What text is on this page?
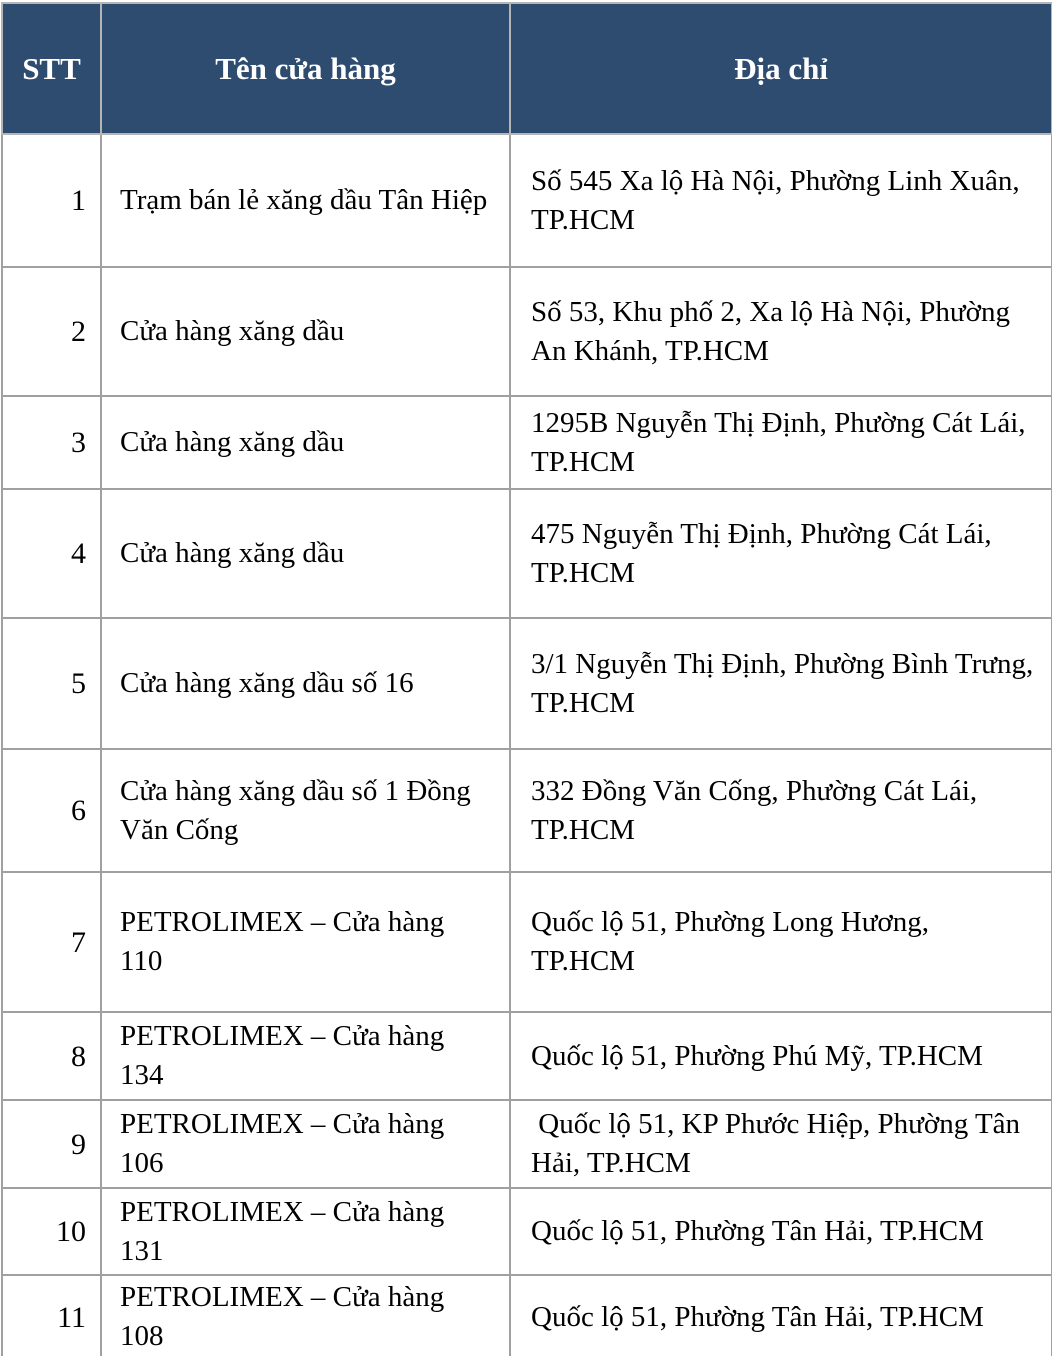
STT	Tên cửa hàng	Địa chỉ
1	Trạm bán lẻ xăng dầu Tân Hiệp	Số 545 Xa lộ Hà Nội, Phường Linh Xuân, TP.HCM
2	Cửa hàng xăng dầu	Số 53, Khu phố 2, Xa lộ Hà Nội, Phường An Khánh, TP.HCM
3	Cửa hàng xăng dầu	1295B Nguyễn Thị Định, Phường Cát Lái, TP.HCM
4	Cửa hàng xăng dầu	475 Nguyễn Thị Định, Phường Cát Lái, TP.HCM
5	Cửa hàng xăng dầu số 16	3/1 Nguyễn Thị Định, Phường Bình Trưng, TP.HCM
6	Cửa hàng xăng dầu số 1 Đồng Văn Cống	332 Đồng Văn Cống, Phường Cát Lái, TP.HCM
7	PETROLIMEX – Cửa hàng 110	Quốc lộ 51, Phường Long Hương, TP.HCM
8	PETROLIMEX – Cửa hàng 134	Quốc lộ 51, Phường Phú Mỹ, TP.HCM
9	PETROLIMEX – Cửa hàng 106	Quốc lộ 51, KP Phước Hiệp, Phường Tân Hải, TP.HCM
10	PETROLIMEX – Cửa hàng 131	Quốc lộ 51, Phường Tân Hải, TP.HCM
11	PETROLIMEX – Cửa hàng 108	Quốc lộ 51, Phường Tân Hải, TP.HCM
